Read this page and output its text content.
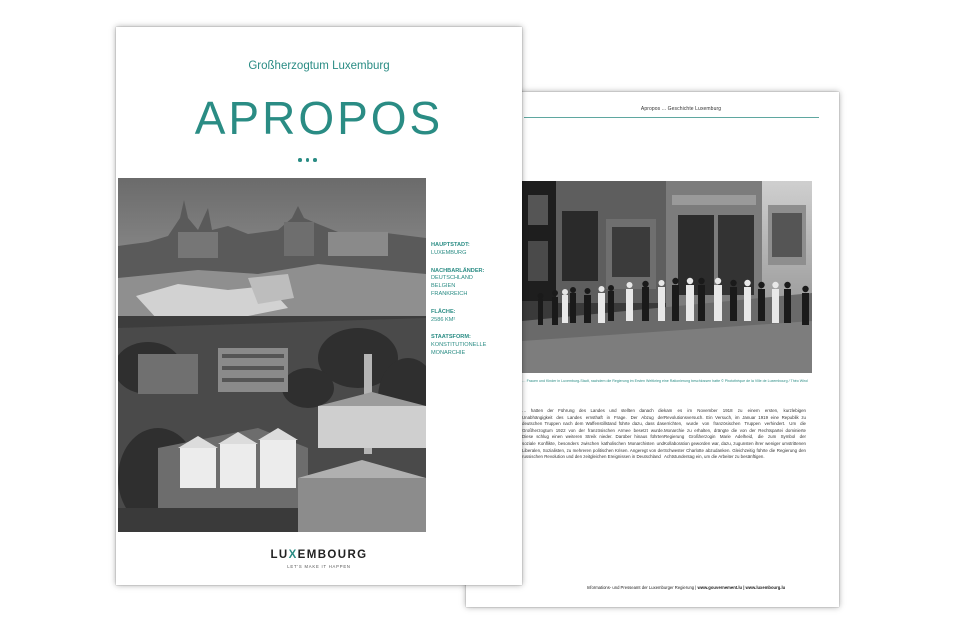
Apropos ... Geschichte Luxemburg
… Frauen und Kinder in Luxemburg-Stadt, nachdem die Regierung im Ersten Weltkrieg eine Rationierung beschlossen hatte © Photothèque de la Ville de Luxembourg / Théo Wirol
… hatten der Führung des Landes und stellten danach die Unabhängigkeit des Landes ernsthaft in Frage. Der Abzug der deutschen Truppen nach dem Waffenstillstand führte dazu, dass das Großherzogtum 1922 von der französischen Armee besetzt wurde. Diese schlug einen weiteren Streik nieder. Darüber hinaus führten soziale Konflikte, besonders zwischen katholischen Monarchisten und Liberalen, Sozialisten, zu mehreren politischen Krisen. Angeregt von der russischen Revolution und den zeitgleichen Ereignissen in Deutschland
kam es im November 1918 zu einem ersten, kurzlebigen Revolutionsversuch. Ein Versuch, im Januar 1919 eine Republik zu errichten, wurde von französischen Truppen verhindert. Um die Monarchie zu erhalten, drängte die von der Rechtspartei dominierte Regierung Großherzogin Marie Adelheid, die zum Symbol der Kollaboration geworden war, dazu, zugunsten ihrer weniger umstrittenen Schwester Charlotte abzudanken. Gleichzeitig führte die Regierung den Achtstundentag ein, um die Arbeiter zu besänftigen.
Informations- und Presseamt der Luxemburger Regierung | www.gouvernement.lu | www.luxembourg.lu
Großherzogtum Luxemburg
APROPOS
HAUPTSTADT:
LUXEMBURG
NACHBARLÄNDER:
DEUTSCHLAND
BELGIEN
FRANKREICH
FLÄCHE:
2586 KM²
STAATSFORM:
KONSTITUTIONELLE
MONARCHIE
LUXEMBOURG
LET'S MAKE IT HAPPEN
